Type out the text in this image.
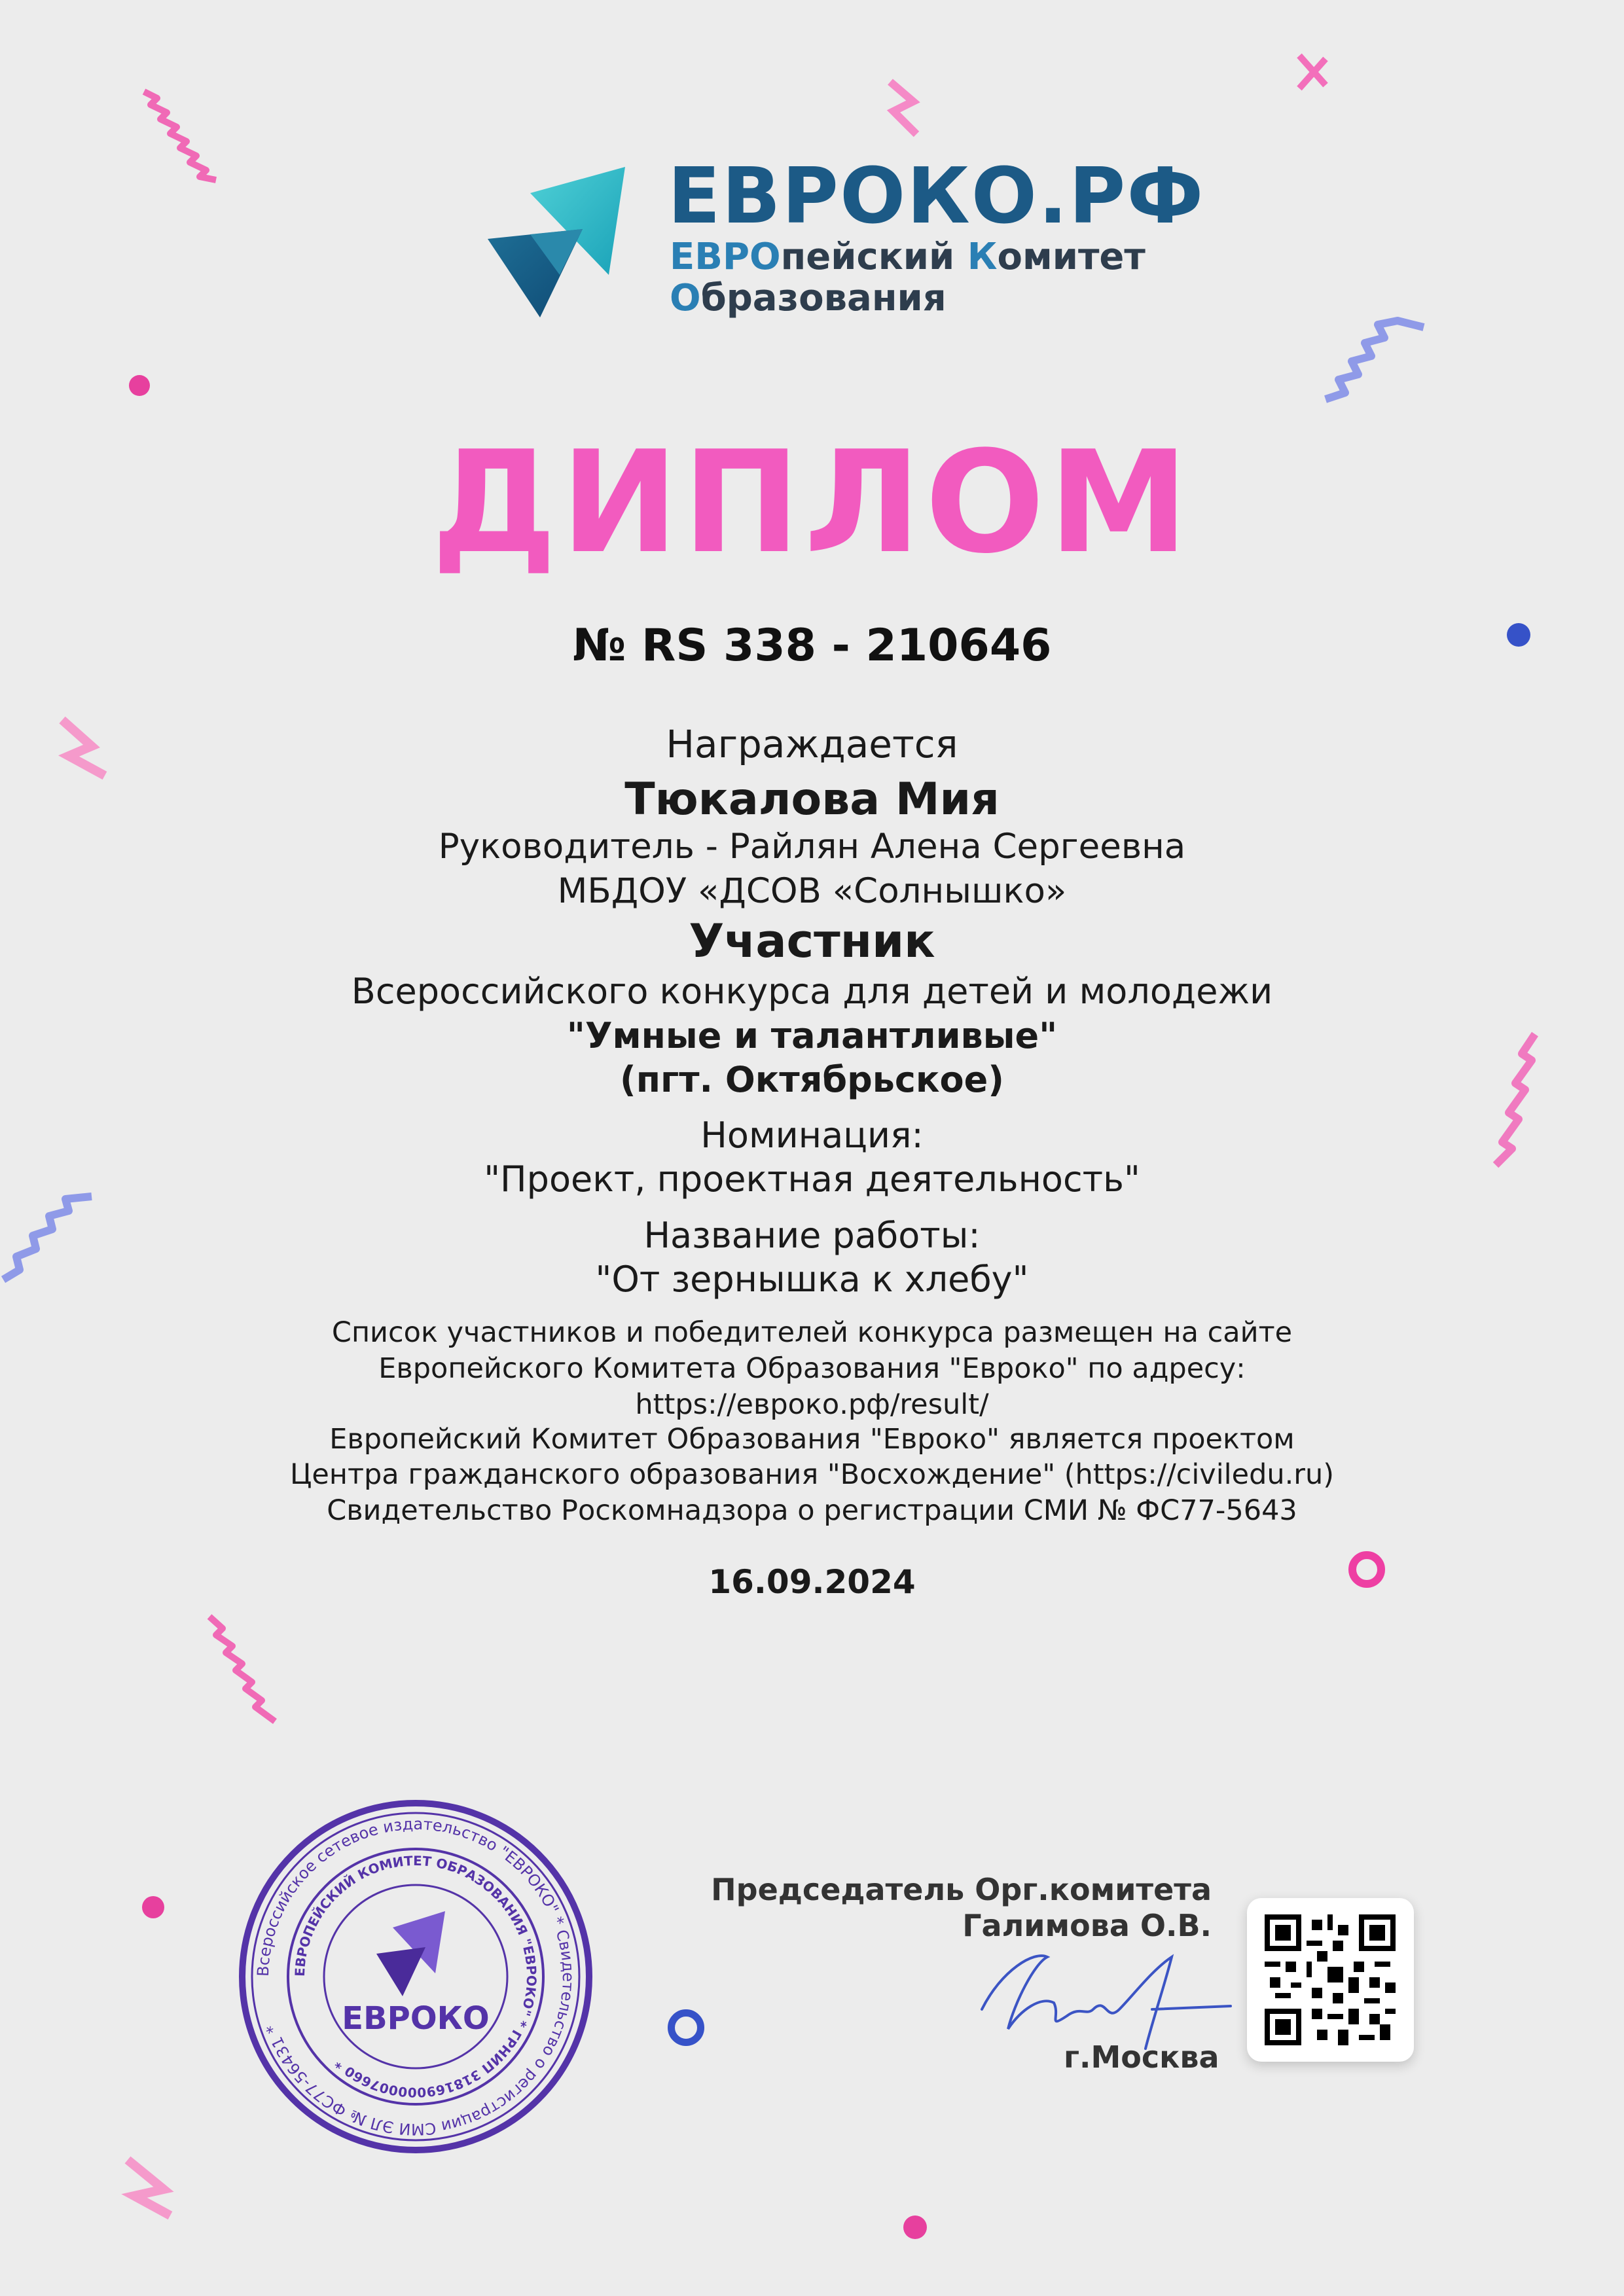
ЕВРОКО.РФ
ЕВРОпейский Комитет
Образования
ДИПЛОМ
№ RS 338 - 210646
Награждается
Тюкалова Мия
Руководитель - Райлян Алена Сергеевна
МБДОУ «ДСОВ «Солнышко»
Участник
Всероссийского конкурса для детей и молодежи
"Умные и талантливые"
(пгт. Октябрьское)
Номинация:
"Проект, проектная деятельность"
Название работы:
"От зернышка к хлебу"
Список участников и победителей конкурса размещен на сайте
Европейского Комитета Образования "Евроко" по адресу:
https://евроко.рф/result/
Европейский Комитет Образования "Евроко" является проектом
Центра гражданского образования "Восхождение" (https://civiledu.ru)
Свидетельство Роскомнадзора о регистрации СМИ № ФС77-5643
16.09.2024
Всероссийское сетевое издательство "ЕВРОКО" * Свидетельство о регистрации СМИ ЭЛ № ФС77-56431 *
ЕВРОПЕЙСКИЙ КОМИТЕТ ОБРАЗОВАНИЯ "ЕВРОКО" * ГРНИП 318169000007660 *
ЕВРОКО
Председатель Орг.комитета
Галимова О.В.
г.Москва
